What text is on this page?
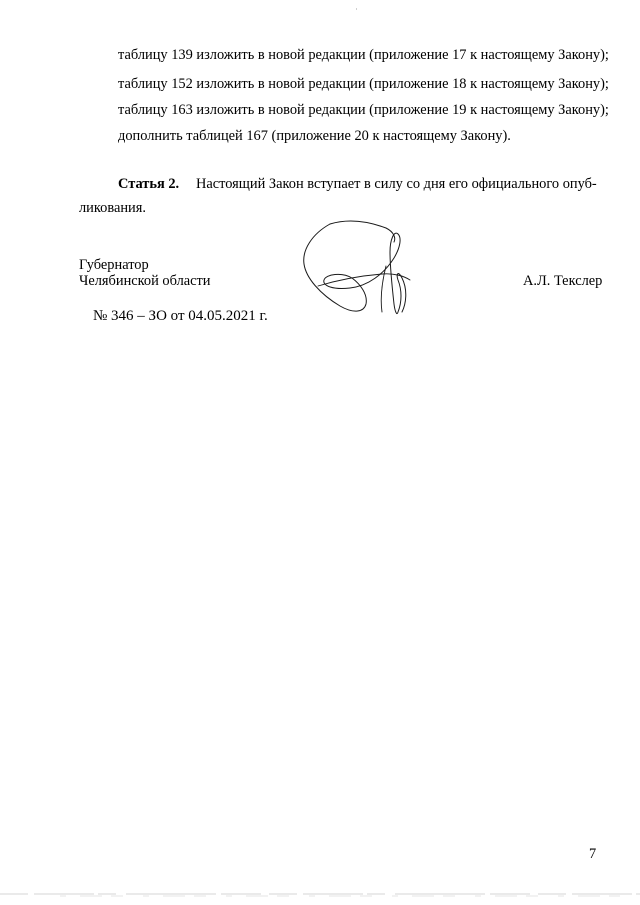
таблицу 139 изложить в новой редакции (приложение 17 к настоящему Закону);
таблицу 152 изложить в новой редакции (приложение 18 к настоящему Закону);
таблицу 163 изложить в новой редакции (приложение 19 к настоящему Закону);
дополнить таблицей 167 (приложение 20 к настоящему Закону).
Статья 2. Настоящий Закон вступает в силу со дня его официального опуб-
ликования.
Губернатор
Челябинской области	А.Л. Текслер
№ 346 – ЗО от 04.05.2021 г.
7
